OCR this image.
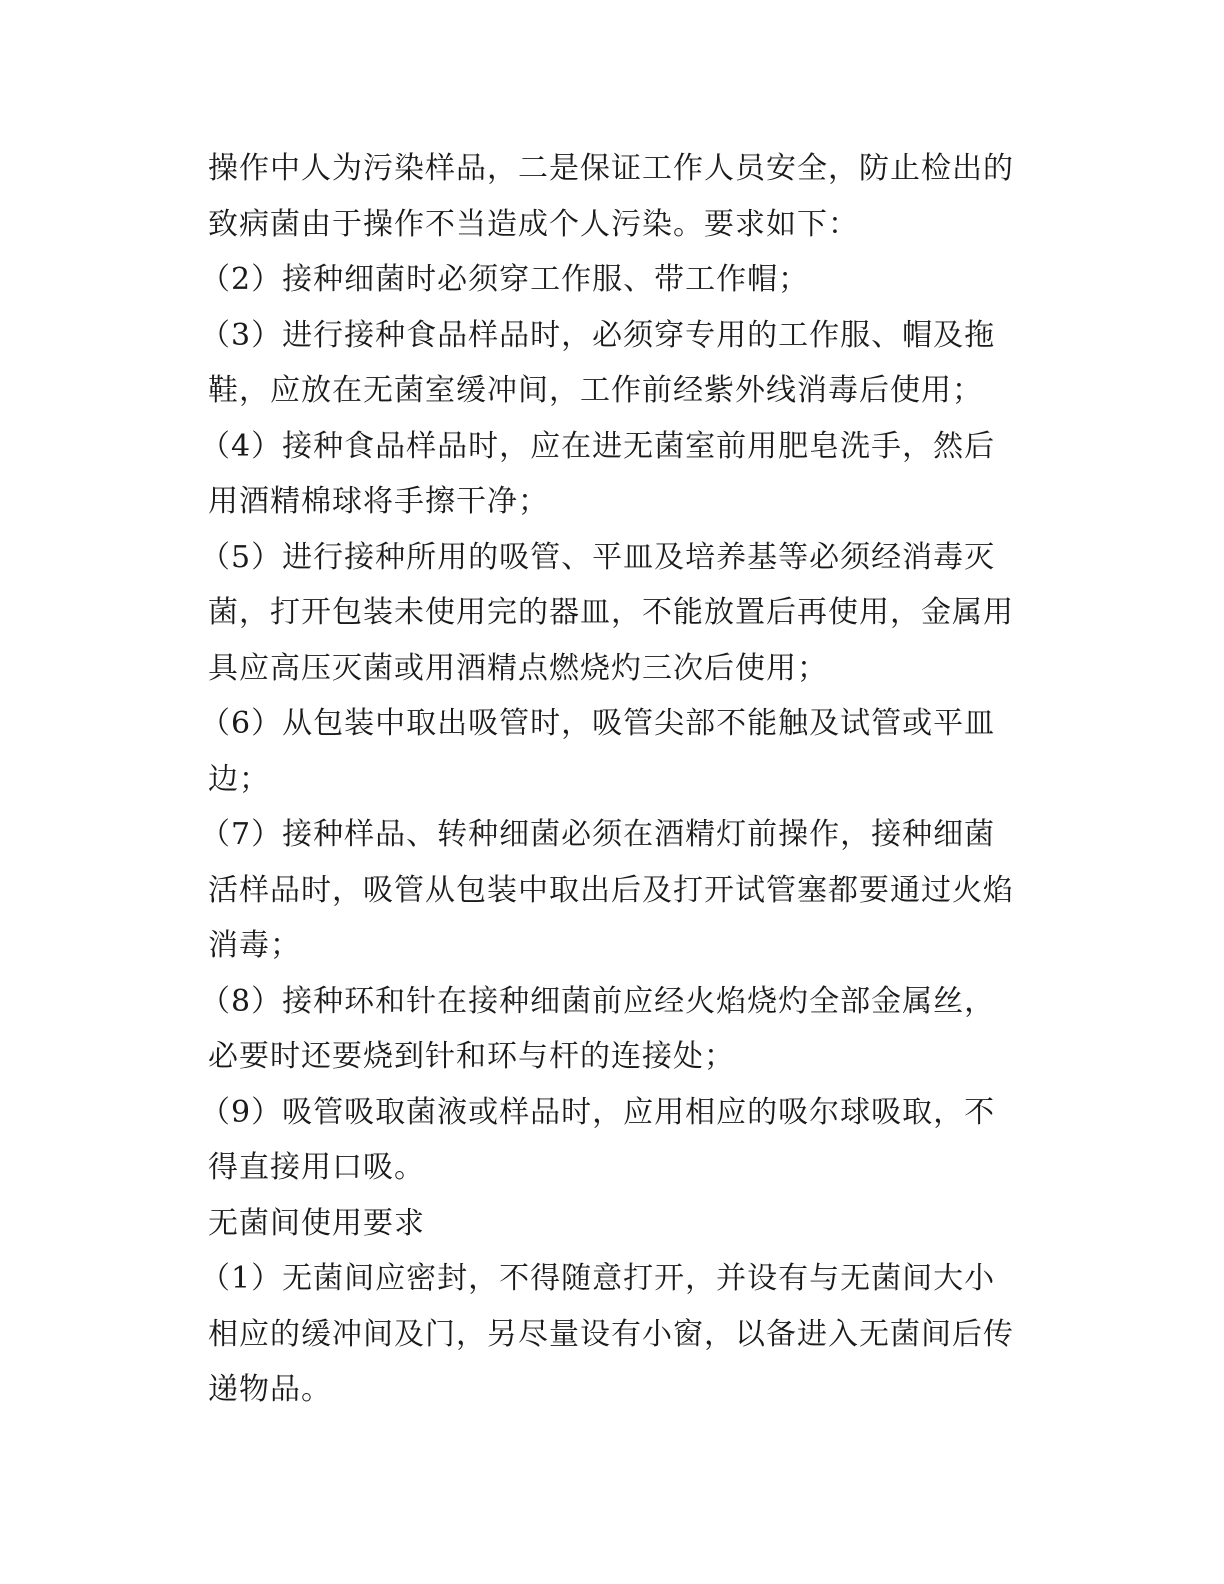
操作中人为污染样品，二是保证工作人员安全，防止检出的
致病菌由于操作不当造成个人污染。要求如下：
（2）接种细菌时必须穿工作服、带工作帽；
（3）进行接种食品样品时，必须穿专用的工作服、帽及拖
鞋，应放在无菌室缓冲间，工作前经紫外线消毒后使用；
（4）接种食品样品时，应在进无菌室前用肥皂洗手，然后
用酒精棉球将手擦干净；
（5）进行接种所用的吸管、平皿及培养基等必须经消毒灭
菌，打开包装未使用完的器皿，不能放置后再使用，金属用
具应高压灭菌或用酒精点燃烧灼三次后使用；
（6）从包装中取出吸管时，吸管尖部不能触及试管或平皿
边；
（7）接种样品、转种细菌必须在酒精灯前操作，接种细菌
活样品时，吸管从包装中取出后及打开试管塞都要通过火焰
消毒；
（8）接种环和针在接种细菌前应经火焰烧灼全部金属丝，
必要时还要烧到针和环与杆的连接处；
（9）吸管吸取菌液或样品时，应用相应的吸尔球吸取，不
得直接用口吸。
无菌间使用要求
（1）无菌间应密封，不得随意打开，并设有与无菌间大小
相应的缓冲间及门，另尽量设有小窗，以备进入无菌间后传
递物品。
